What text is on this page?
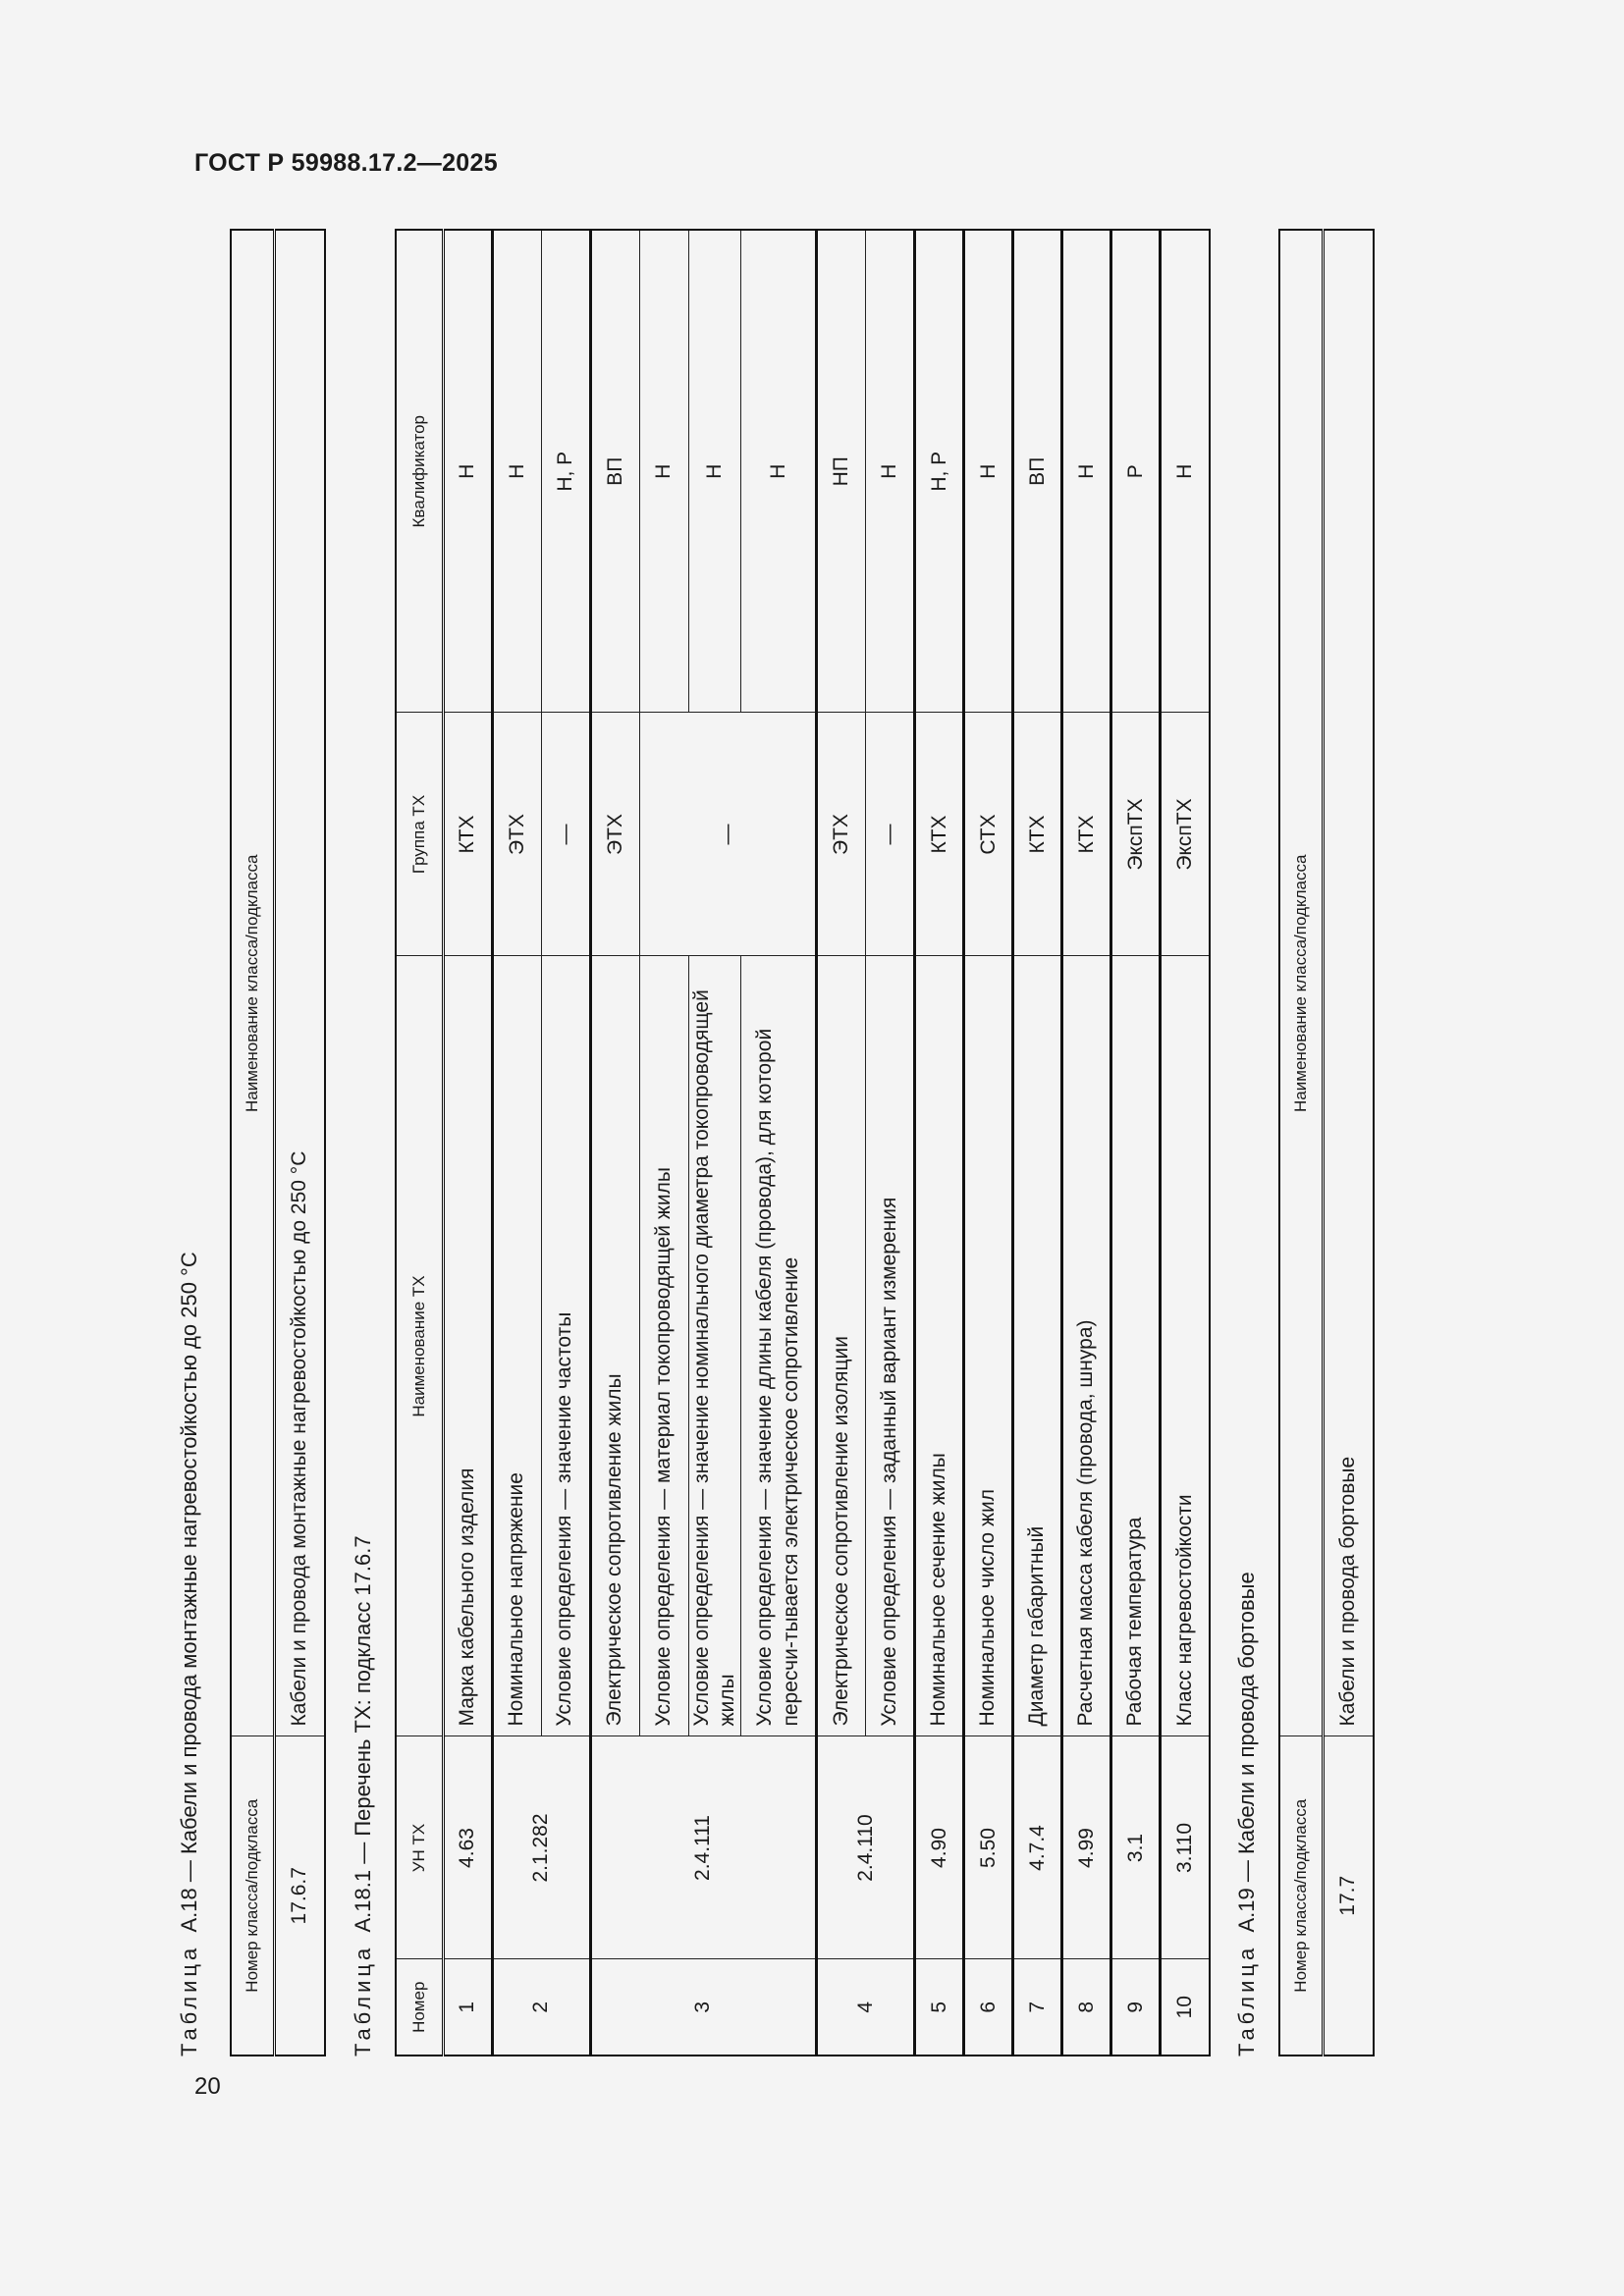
ГОСТ Р 59988.17.2—2025
Таблица  А.18 — Кабели и провода монтажные нагревостойкостью до 250 °С Номер класса/подкласса	Наименование класса/подкласса
17.6.7	Кабели и провода монтажные нагревостойкостью до 250 °С
Таблица  А.18.1 — Перечень ТХ: подкласс 17.6.7
Номер	УН ТХ	Наименование ТХ	Группа ТХ	Квалификатор
1	4.63	Марка кабельного изделия	КТХ	Н
2	2.1.282	Номинальное напряжение	ЭТХ	Н
		Условие определения — значение частоты	—	Н, Р
3	2.4.111	Электрическое сопротивление жилы	ЭТХ	ВП
		Условие определения — материал токопроводящей жилы	—	Н
		Условие определения — значение номинального диаметра токопроводящей жилы		Н
		Условие определения — значение длины кабеля (провода), для которой пересчи-тывается электрическое сопротивление		Н
4	2.4.110	Электрическое сопротивление изоляции	ЭТХ	НП
		Условие определения — заданный вариант измерения	—	Н
5	4.90	Номинальное сечение жилы	КТХ	Н, Р
6	5.50	Номинальное число жил	СТХ	Н
7	4.7.4	Диаметр габаритный	КТХ	ВП
8	4.99	Расчетная масса кабеля (провода, шнура)	КТХ	Н
9	3.1	Рабочая температура	ЭкспТХ	Р
10	3.110	Класс нагревостойкости	ЭкспТХ	Н
Таблица  А.19 — Кабели и провода бортовые Номер класса/подкласса	Наименование класса/подкласса
17.7	Кабели и провода бортовые
20
